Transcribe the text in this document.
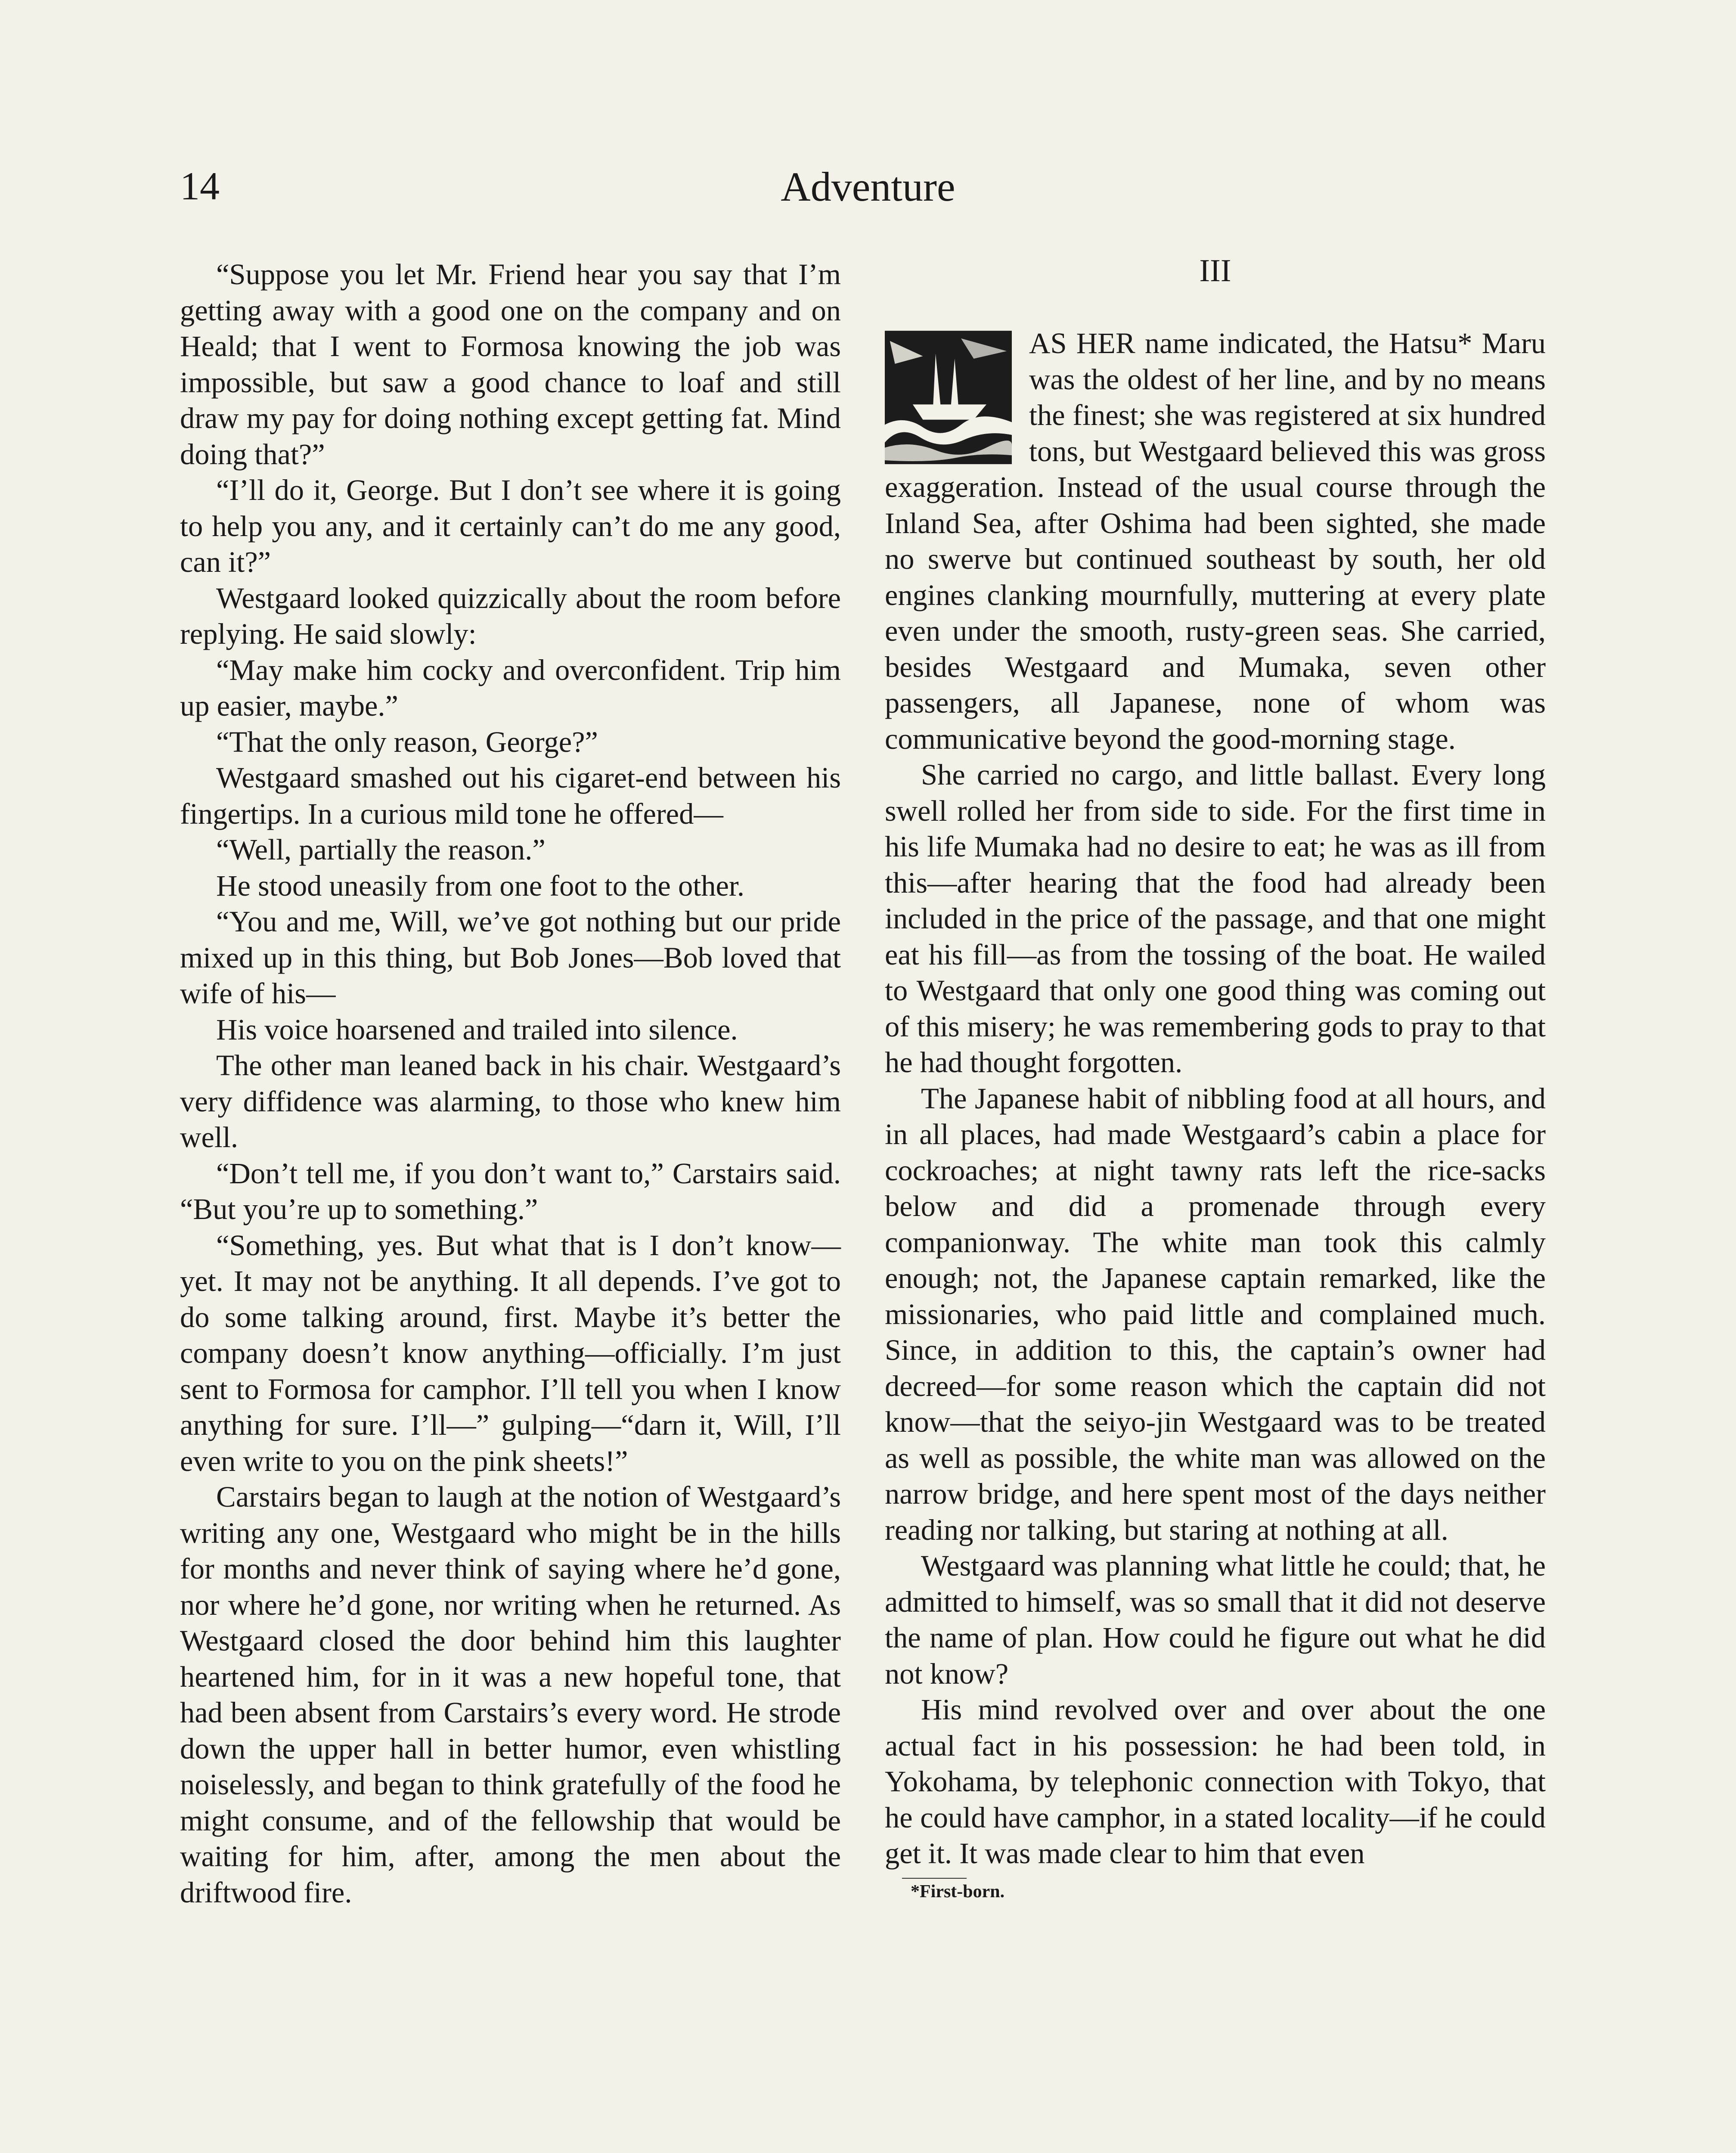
14	Adventure

“Suppose you let Mr. Friend hear you say that I’m getting away with a good one on the company and on Heald; that I went to Formosa knowing the job was impossible, but saw a good chance to loaf and still draw my pay for doing nothing except getting fat. Mind doing that?”

“I’ll do it, George. But I don’t see where it is going to help you any, and it certainly can’t do me any good, can it?”

Westgaard looked quizzically about the room before replying. He said slowly:

“May make him cocky and overconfident. Trip him up easier, maybe.”

“That the only reason, George?”

Westgaard smashed out his cigaret-end between his fingertips. In a curious mild tone he offered—

“Well, partially the reason.”

He stood uneasily from one foot to the other.

“You and me, Will, we’ve got nothing but our pride mixed up in this thing, but Bob Jones—Bob loved that wife of his—

His voice hoarsened and trailed into silence.

The other man leaned back in his chair. Westgaard’s very diffidence was alarming, to those who knew him well.

“Don’t tell me, if you don’t want to,” Carstairs said. “But you’re up to something.”

“Something, yes. But what that is I don’t know—yet. It may not be anything. It all depends. I’ve got to do some talking around, first. Maybe it’s better the company doesn’t know anything—officially. I’m just sent to Formosa for camphor. I’ll tell you when I know anything for sure. I’ll—” gulping—“darn it, Will, I’ll even write to you on the pink sheets!”

Carstairs began to laugh at the notion of Westgaard’s writing any one, Westgaard who might be in the hills for months and never think of saying where he’d gone, nor where he’d gone, nor writing when he returned. As Westgaard closed the door behind him this laughter heartened him, for in it was a new hopeful tone, that had been absent from Carstairs’s every word. He strode down the upper hall in better humor, even whistling noiselessly, and began to think gratefully of the food he might consume, and of the fellowship that would be waiting for him, after, among the men about the driftwood fire.

III

AS HER name indicated, the Hatsu* Maru was the oldest of her line, and by no means the finest; she was registered at six hundred tons, but Westgaard believed this was gross exaggeration. Instead of the usual course through the Inland Sea, after Oshima had been sighted, she made no swerve but continued southeast by south, her old engines clanking mournfully, muttering at every plate even under the smooth, rusty-green seas. She carried, besides Westgaard and Mumaka, seven other passengers, all Japanese, none of whom was communicative beyond the good-morning stage.

She carried no cargo, and little ballast. Every long swell rolled her from side to side. For the first time in his life Mumaka had no desire to eat; he was as ill from this—after hearing that the food had already been included in the price of the passage, and that one might eat his fill—as from the tossing of the boat. He wailed to Westgaard that only one good thing was coming out of this misery; he was remembering gods to pray to that he had thought forgotten.

The Japanese habit of nibbling food at all hours, and in all places, had made Westgaard’s cabin a place for cockroaches; at night tawny rats left the rice-sacks below and did a promenade through every companionway. The white man took this calmly enough; not, the Japanese captain remarked, like the missionaries, who paid little and complained much. Since, in addition to this, the captain’s owner had decreed—for some reason which the captain did not know—that the seiyo-jin Westgaard was to be treated as well as possible, the white man was allowed on the narrow bridge, and here spent most of the days neither reading nor talking, but staring at nothing at all.

Westgaard was planning what little he could; that, he admitted to himself, was so small that it did not deserve the name of plan. How could he figure out what he did not know?

His mind revolved over and over about the one actual fact in his possession: he had been told, in Yokohama, by telephonic connection with Tokyo, that he could have camphor, in a stated locality—if he could get it. It was made clear to him that even

*First-born.
